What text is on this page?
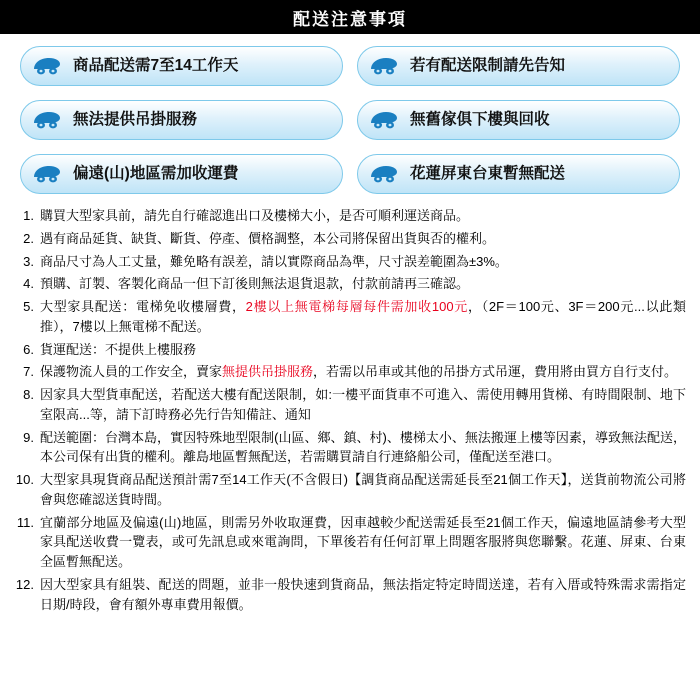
配送注意事項
商品配送需7至14工作天	若有配送限制請先告知
無法提供吊掛服務	無舊傢俱下樓與回收
偏遠(山)地區需加收運費	花蓮屏東台東暫無配送
1. 購買大型家具前，請先自行確認進出口及樓梯大小，是否可順利運送商品。
2. 遇有商品延貨、缺貨、斷貨、停產、價格調整，本公司將保留出貨與否的權利。
3. 商品尺寸為人工丈量，難免略有誤差，請以實際商品為準，尺寸誤差範圍為±3%。
4. 預購、訂製、客製化商品一但下訂後則無法退貨退款，付款前請再三確認。
5. 大型家具配送：電梯免收樓層費，2樓以上無電梯每層每件需加收100元，（2F＝100元、3F＝200元...以此類推），7樓以上無電梯不配送。
6. 貨運配送：不提供上樓服務
7. 保護物流人員的工作安全，賣家無提供吊掛服務，若需以吊車或其他的吊掛方式吊運，費用將由買方自行支付。
8. 因家具大型貨車配送，若配送大樓有配送限制，如:一樓平面貨車不可進入、需使用轉用貨梯、有時間限制、地下室限高...等，請下訂時務必先行告知備註、通知
9. 配送範圍：台灣本島，實因特殊地型限制(山區、鄉、鎮、村)、樓梯太小、無法搬運上樓等因素，導致無法配送，本公司保有出貨的權利。離島地區暫無配送，若需購買請自行連絡船公司，僅配送至港口。
10. 大型家具現貨商品配送預計需7至14工作天(不含假日)【調貨商品配送需延長至21個工作天】，送貨前物流公司將會與您確認送貨時間。
11. 宜蘭部分地區及偏遠(山)地區，則需另外收取運費，因車越較少配送需延長至21個工作天，偏遠地區請參考大型家具配送收費一覽表，或可先訊息或來電詢問，下單後若有任何訂單上問題客服將與您聯繫。花蓮、屏東、台東全區暫無配送。
12. 因大型家具有組裝、配送的問題，並非一般快速到貨商品，無法指定特定時間送達，若有入厝或特殊需求需指定日期/時段，會有額外專車費用報價。
